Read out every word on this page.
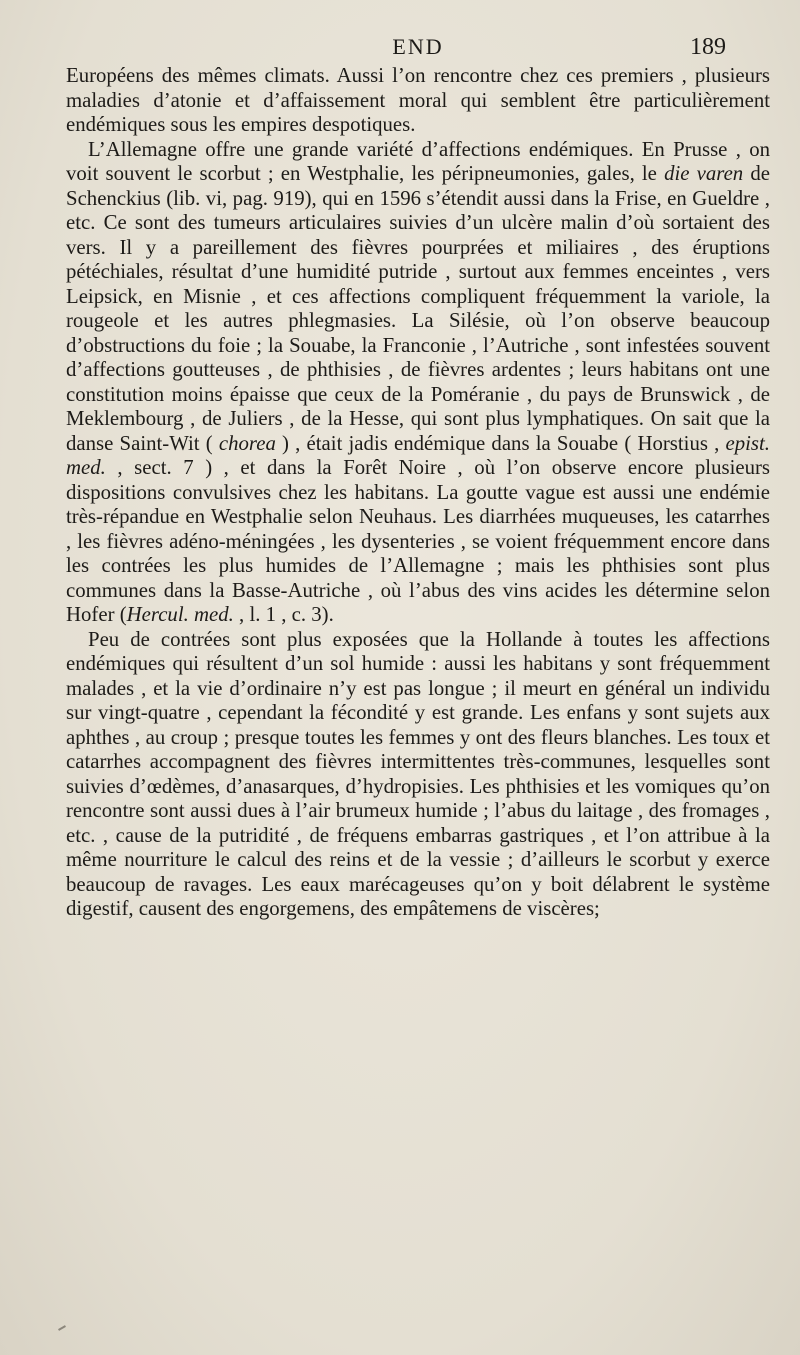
END	189

Européens des mêmes climats. Aussi l’on rencontre chez ces premiers , plusieurs maladies d’atonie et d’affaissement moral qui semblent être particulièrement endémiques sous les empires despotiques.

L’Allemagne offre une grande variété d’affections endémiques. En Prusse , on voit souvent le scorbut ; en Westphalie, les péripneumonies, gales, le die varen de Schenckius (lib. vi, pag. 919), qui en 1596 s’étendit aussi dans la Frise, en Gueldre , etc. Ce sont des tumeurs articulaires suivies d’un ulcère malin d’où sortaient des vers. Il y a pareillement des fièvres pourprées et miliaires , des éruptions pétéchiales, résultat d’une humidité putride , surtout aux femmes enceintes , vers Leipsick, en Misnie , et ces affections compliquent fréquemment la variole, la rougeole et les autres phlegmasies. La Silésie, où l’on observe beaucoup d’obstructions du foie ; la Souabe, la Franconie , l’Autriche , sont infestées souvent d’affections goutteuses , de phthisies , de fièvres ardentes ; leurs habitans ont une constitution moins épaisse que ceux de la Poméranie , du pays de Brunswick , de Meklembourg , de Juliers , de la Hesse, qui sont plus lymphatiques. On sait que la danse Saint-Wit ( chorea ) , était jadis endémique dans la Souabe ( Horstius , epist. med. , sect. 7 ) , et dans la Forêt Noire , où l’on observe encore plusieurs dispositions convulsives chez les habitans. La goutte vague est aussi une endémie très-répandue en Westphalie selon Neuhaus. Les diarrhées muqueuses, les catarrhes , les fièvres adéno-méningées , les dysenteries , se voient fréquemment encore dans les contrées les plus humides de l’Allemagne ; mais les phthisies sont plus communes dans la Basse-Autriche , où l’abus des vins acides les détermine selon Hofer (Hercul. med. , l. 1 , c. 3).

Peu de contrées sont plus exposées que la Hollande à toutes les affections endémiques qui résultent d’un sol humide : aussi les habitans y sont fréquemment malades , et la vie d’ordinaire n’y est pas longue ; il meurt en général un individu sur vingt-quatre , cependant la fécondité y est grande. Les enfans y sont sujets aux aphthes , au croup ; presque toutes les femmes y ont des fleurs blanches. Les toux et catarrhes accompagnent des fièvres intermittentes très-communes, lesquelles sont suivies d’œdèmes, d’anasarques, d’hydropisies. Les phthisies et les vomiques qu’on rencontre sont aussi dues à l’air brumeux humide ; l’abus du laitage , des fromages , etc. , cause de la putridité , de fréquens embarras gastriques , et l’on attribue à la même nourriture le calcul des reins et de la vessie ; d’ailleurs le scorbut y exerce beaucoup de ravages. Les eaux marécageuses qu’on y boit délabrent le système digestif, causent des engorgemens, des empâtemens de viscères;
